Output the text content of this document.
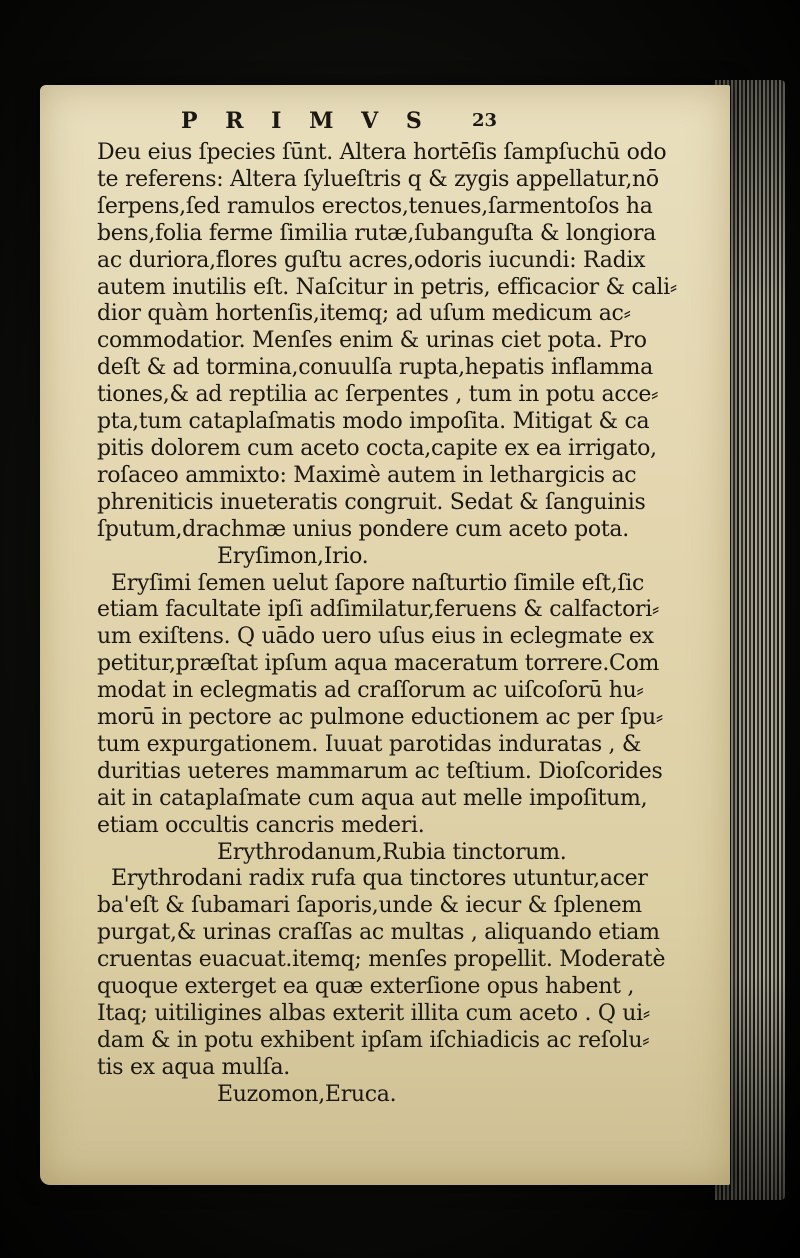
P R I M V S 23
Deu eius ſpecies ſūnt. Altera hortēſis ſampſuchū odo
te referens: Altera ſylueſtris q & zygis appellatur,nō
ſerpens,ſed ramulos erectos,tenues,ſarmentoſos ha
bens,folia ferme ſimilia rutæ,ſubanguſta & longiora
ac duriora,flores guſtu acres,odoris iucundi: Radix
autem inutilis eſt. Naſcitur in petris, efficacior & cali⸗
dior quàm hortenſis,itemq; ad uſum medicum ac⸗
commodatior. Menſes enim & urinas ciet pota. Pro
deſt & ad tormina,conuulſa rupta,hepatis inflamma
tiones,& ad reptilia ac ſerpentes , tum in potu acce⸗
pta,tum cataplaſmatis modo impoſita. Mitigat & ca
pitis dolorem cum aceto cocta,capite ex ea irrigato,
roſaceo ammixto: Maximè autem in lethargicis ac
phreniticis inueteratis congruit. Sedat & ſanguinis
ſputum,drachmæ unius pondere cum aceto pota.
Eryſimon,Irio.
Eryſimi ſemen uelut ſapore naſturtio ſimile eſt,ſic
etiam facultate ipſi adſimilatur,feruens & calfactori⸗
um exiſtens. Q uādo uero uſus eius in eclegmate ex
petitur,præſtat ipſum aqua maceratum torrere.Com
modat in eclegmatis ad craſſorum ac uiſcoſorū hu⸗
morū in pectore ac pulmone eductionem ac per ſpu⸗
tum expurgationem. Iuuat parotidas induratas , &
duritias ueteres mammarum ac teſtium. Dioſcorides
ait in cataplaſmate cum aqua aut melle impoſitum,
etiam occultis cancris mederi.
Erythrodanum,Rubia tinctorum.
Erythrodani radix rufa qua tinctores utuntur,acer
ba'eſt & ſubamari ſaporis,unde & iecur & ſplenem
purgat,& urinas craſſas ac multas , aliquando etiam
cruentas euacuat.itemq; menſes propellit. Moderatè
quoque exterget ea quæ exterſione opus habent ,
Itaq; uitiligines albas exterit illita cum aceto . Q ui⸗
dam & in potu exhibent ipſam iſchiadicis ac reſolu⸗
tis ex aqua mulſa.
Euzomon,Eruca.
